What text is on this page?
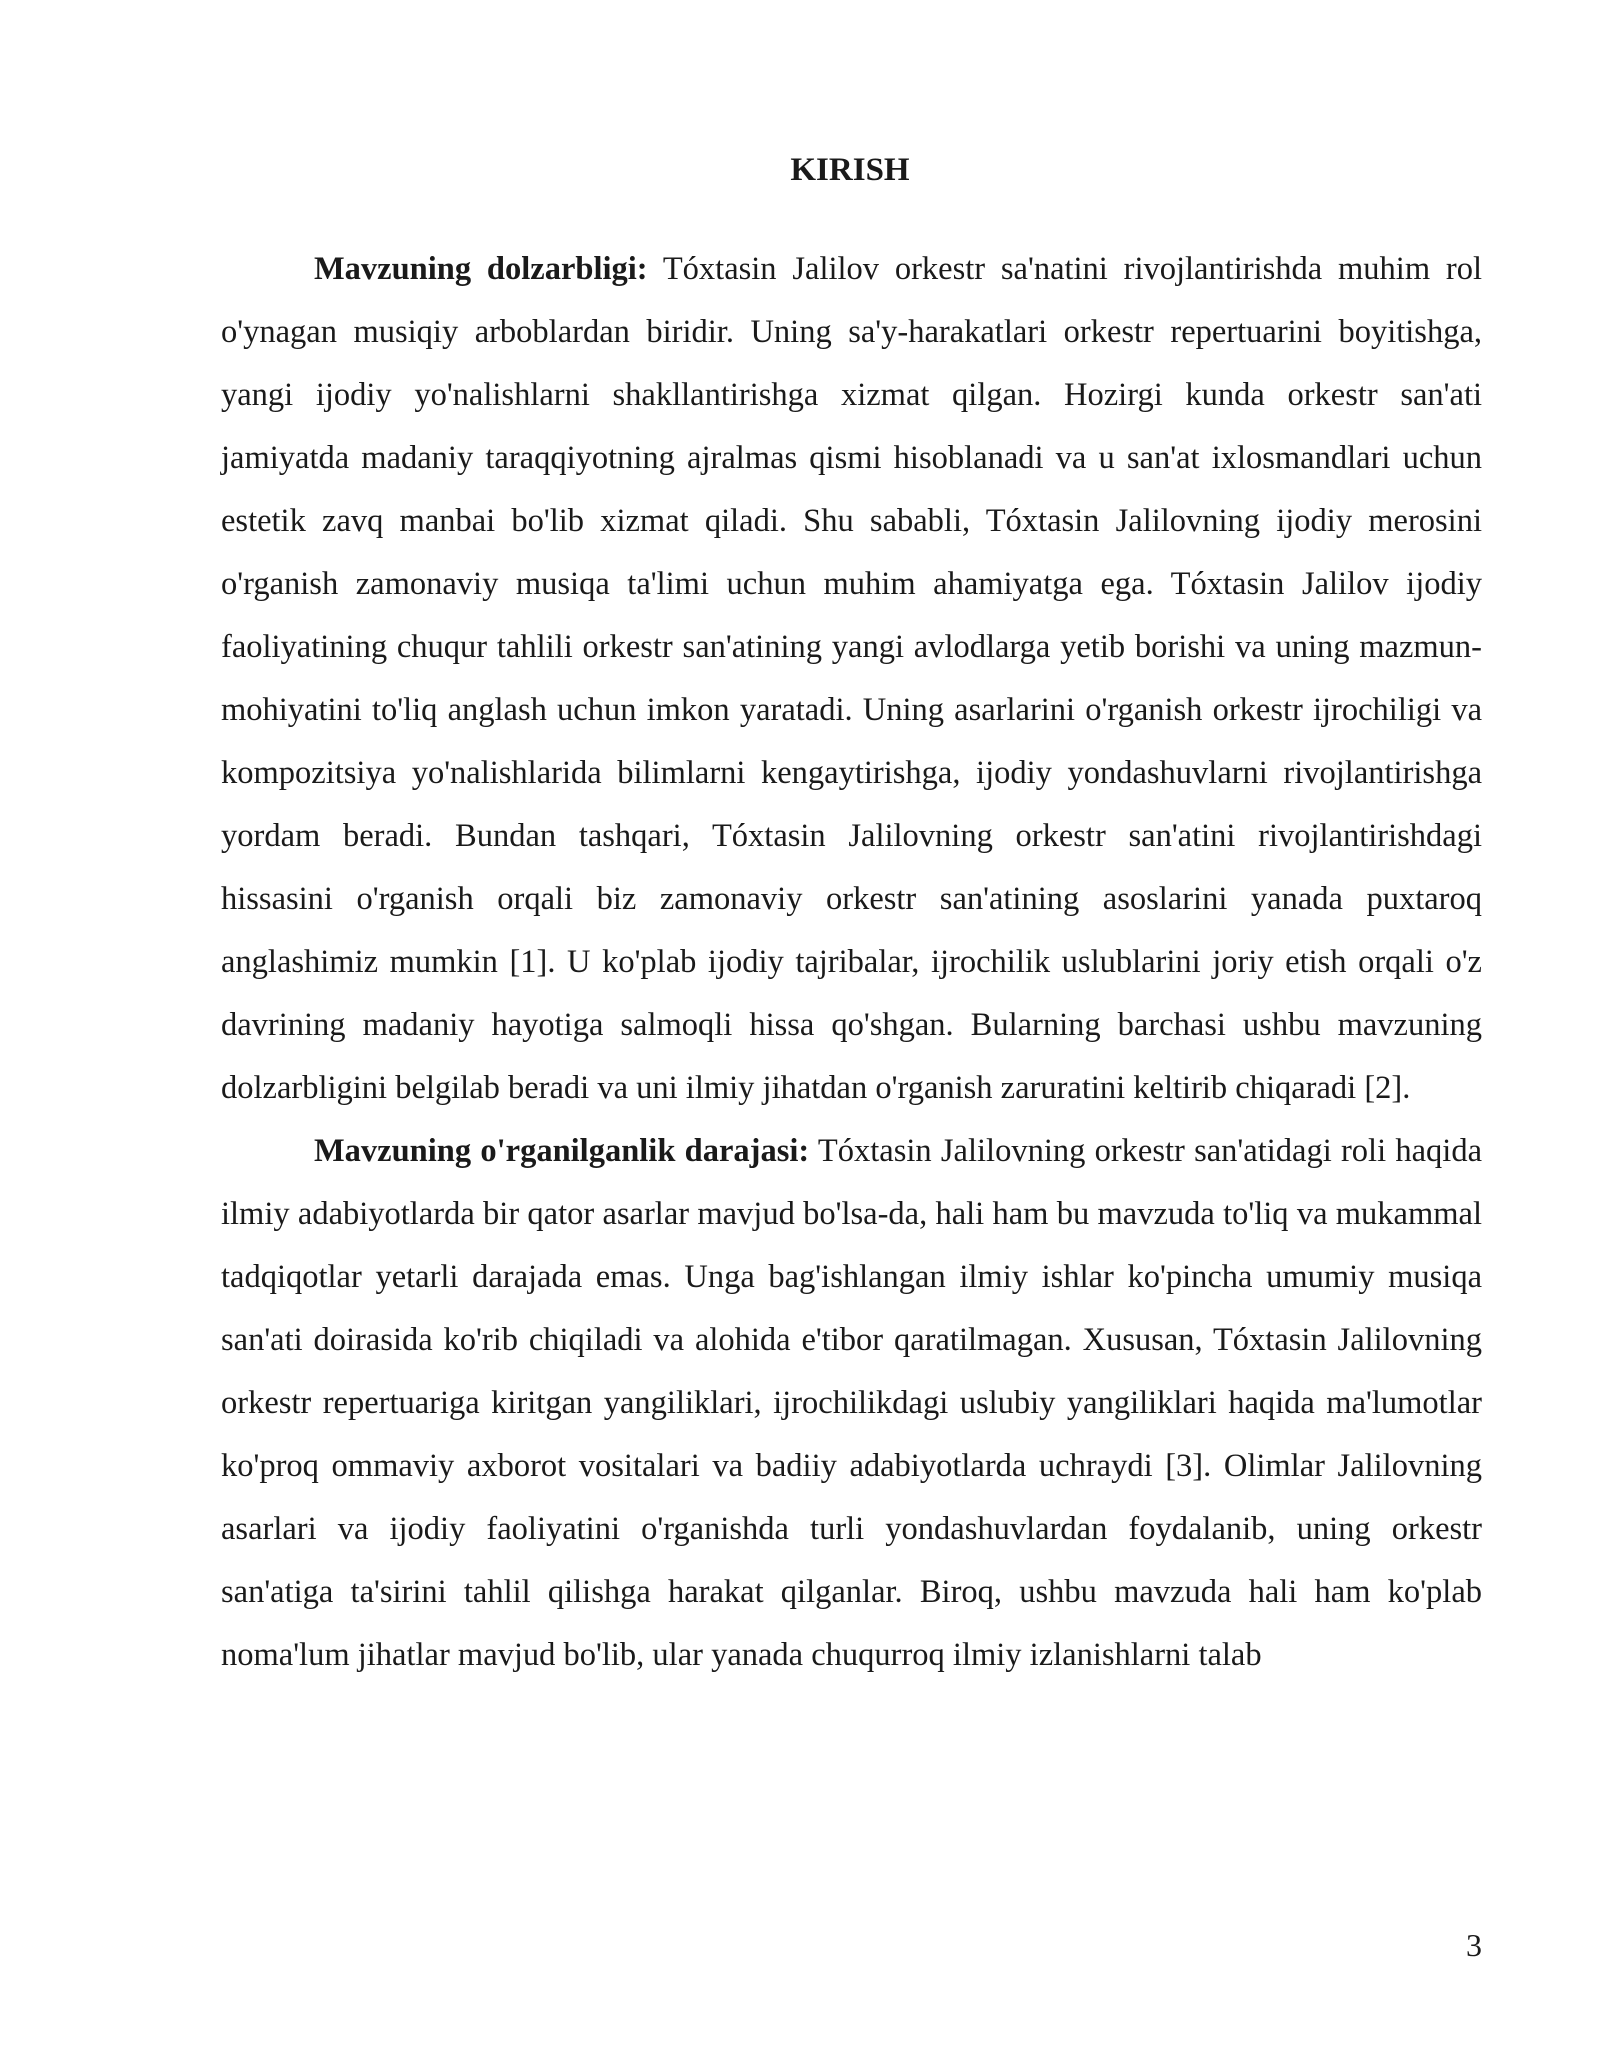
KIRISH

Mavzuning dolzarbligi: Tóxtasin Jalilov orkestr sa'natini rivojlantirishda muhim rol o'ynagan musiqiy arboblardan biridir. Uning sa'y-harakatlari orkestr repertuarini boyitishga, yangi ijodiy yo'nalishlarni shakllantirishga xizmat qilgan. Hozirgi kunda orkestr san'ati jamiyatda madaniy taraqqiyotning ajralmas qismi hisoblanadi va u san'at ixlosmandlari uchun estetik zavq manbai bo'lib xizmat qiladi. Shu sababli, Tóxtasin Jalilovning ijodiy merosini o'rganish zamonaviy musiqa ta'limi uchun muhim ahamiyatga ega. Tóxtasin Jalilov ijodiy faoliyatining chuqur tahlili orkestr san'atining yangi avlodlarga yetib borishi va uning mazmun-mohiyatini to'liq anglash uchun imkon yaratadi. Uning asarlarini o'rganish orkestr ijrochiligi va kompozitsiya yo'nalishlarida bilimlarni kengaytirishga, ijodiy yondashuvlarni rivojlantirishga yordam beradi. Bundan tashqari, Tóxtasin Jalilovning orkestr san'atini rivojlantirishdagi hissasini o'rganish orqali biz zamonaviy orkestr san'atining asoslarini yanada puxtaroq anglashimiz mumkin [1]. U ko'plab ijodiy tajribalar, ijrochilik uslublarini joriy etish orqali o'z davrining madaniy hayotiga salmoqli hissa qo'shgan. Bularning barchasi ushbu mavzuning dolzarbligini belgilab beradi va uni ilmiy jihatdan o'rganish zaruratini keltirib chiqaradi [2].

Mavzuning o'rganilganlik darajasi: Tóxtasin Jalilovning orkestr san'atidagi roli haqida ilmiy adabiyotlarda bir qator asarlar mavjud bo'lsa-da, hali ham bu mavzuda to'liq va mukammal tadqiqotlar yetarli darajada emas. Unga bag'ishlangan ilmiy ishlar ko'pincha umumiy musiqa san'ati doirasida ko'rib chiqiladi va alohida e'tibor qaratilmagan. Xususan, Tóxtasin Jalilovning orkestr repertuariga kiritgan yangiliklari, ijrochilikdagi uslubiy yangiliklari haqida ma'lumotlar ko'proq ommaviy axborot vositalari va badiiy adabiyotlarda uchraydi [3]. Olimlar Jalilovning asarlari va ijodiy faoliyatini o'rganishda turli yondashuvlardan foydalanib, uning orkestr san'atiga ta'sirini tahlil qilishga harakat qilganlar. Biroq, ushbu mavzuda hali ham ko'plab noma'lum jihatlar mavjud bo'lib, ular yanada chuqurroq ilmiy izlanishlarni talab

3
